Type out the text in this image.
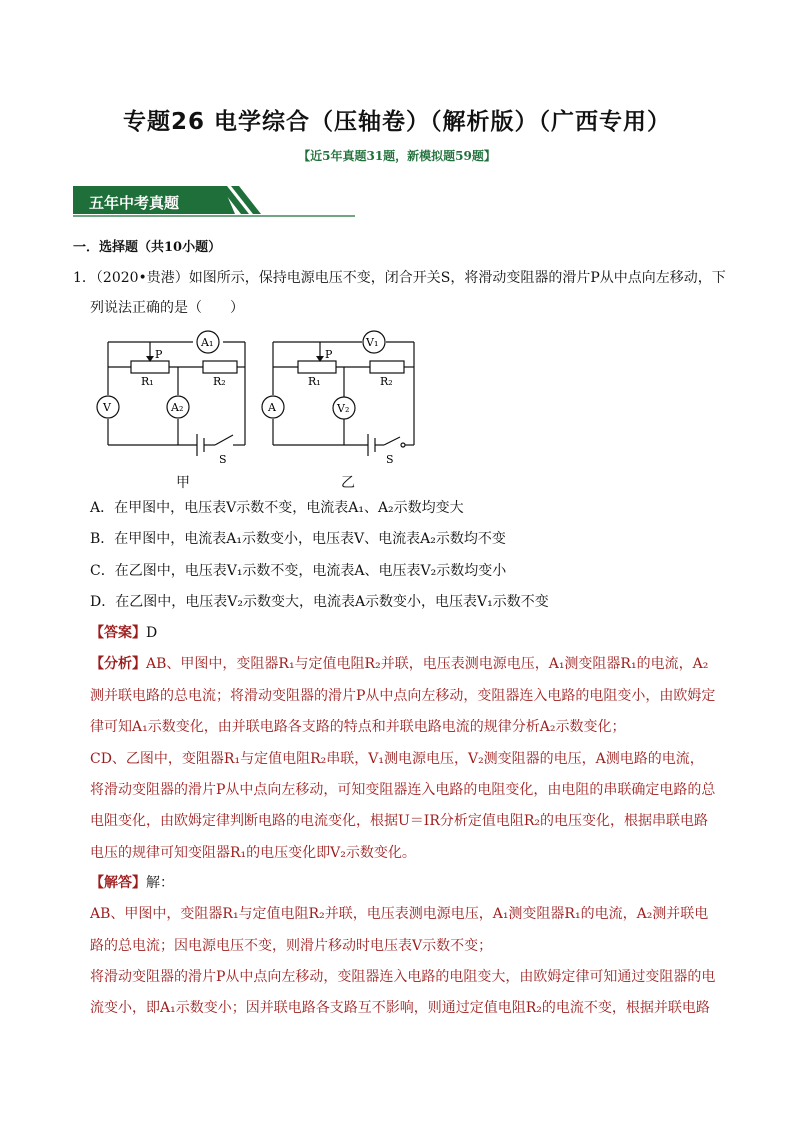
专题26 电学综合（压轴卷）（解析版）（广西专用）
【近5年真题31题，新模拟题59题】
五年中考真题
一．选择题（共10小题）
1．（2020•贵港）如图所示，保持电源电压不变，闭合开关S，将滑动变阻器的滑片P从中点向左移动，下
列说法正确的是（　　）
P
R₁	R₂
A₁
V	A₂
S
P
R₁	R₂
V₁
A	V₂
S
甲	乙
A．在甲图中，电压表V示数不变，电流表A₁、A₂示数均变大
B．在甲图中，电流表A₁示数变小，电压表V、电流表A₂示数均不变
C．在乙图中，电压表V₁示数不变，电流表A、电压表V₂示数均变小
D．在乙图中，电压表V₂示数变大，电流表A示数变小，电压表V₁示数不变
【答案】D
【分析】AB、甲图中，变阻器R₁与定值电阻R₂并联，电压表测电源电压，A₁测变阻器R₁的电流，A₂
测并联电路的总电流；将滑动变阻器的滑片P从中点向左移动，变阻器连入电路的电阻变小，由欧姆定
律可知A₁示数变化，由并联电路各支路的特点和并联电路电流的规律分析A₂示数变化；
CD、乙图中，变阻器R₁与定值电阻R₂串联，V₁测电源电压，V₂测变阻器的电压，A测电路的电流，
将滑动变阻器的滑片P从中点向左移动，可知变阻器连入电路的电阻变化，由电阻的串联确定电路的总
电阻变化，由欧姆定律判断电路的电流变化，根据U＝IR分析定值电阻R₂的电压变化，根据串联电路
电压的规律可知变阻器R₁的电压变化即V₂示数变化。
【解答】解：
AB、甲图中，变阻器R₁与定值电阻R₂并联，电压表测电源电压，A₁测变阻器R₁的电流，A₂测并联电
路的总电流；因电源电压不变，则滑片移动时电压表V示数不变；
将滑动变阻器的滑片P从中点向左移动，变阻器连入电路的电阻变大，由欧姆定律可知通过变阻器的电
流变小，即A₁示数变小；因并联电路各支路互不影响，则通过定值电阻R₂的电流不变，根据并联电路
